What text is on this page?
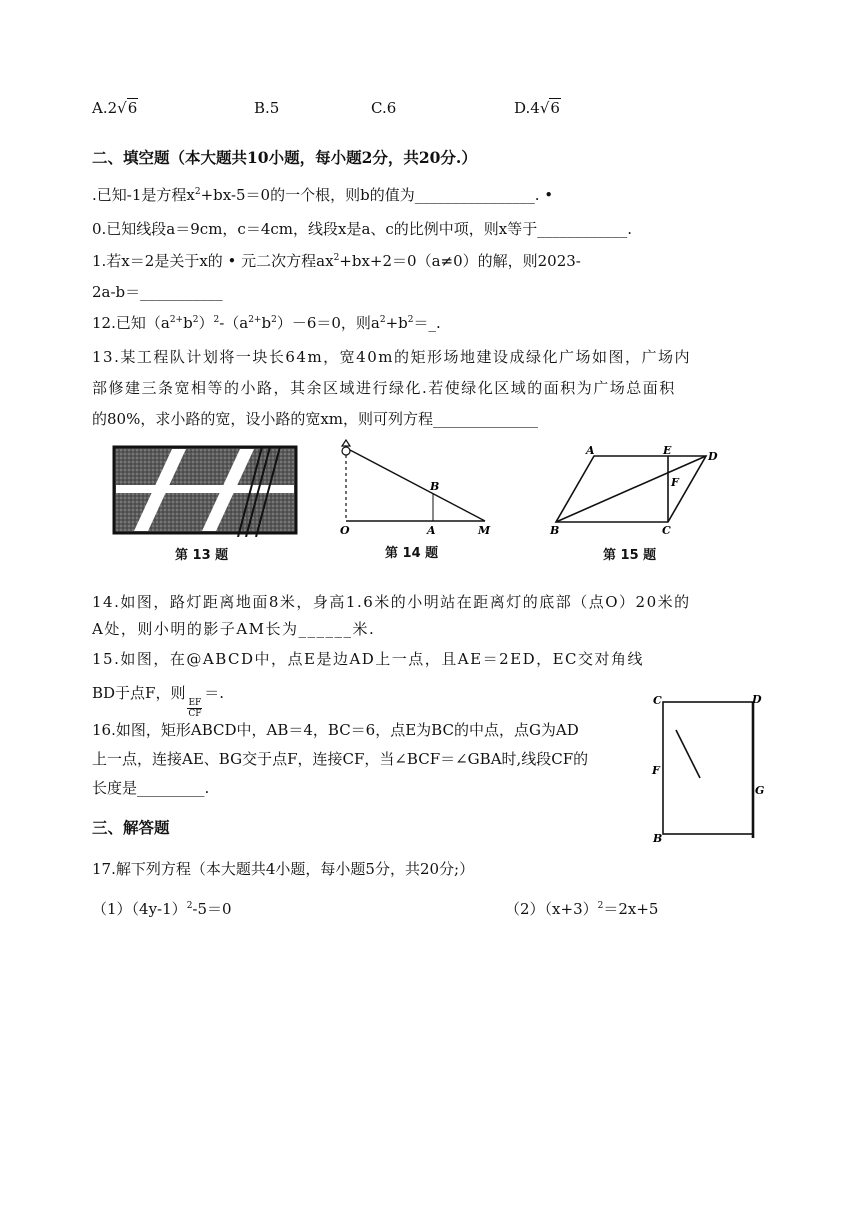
A.2√6	B.5	C.6	D.4√6
二、填空题（本大题共10小题，每小题2分，共20分.）
.已知-1是方程$x^2+bx-5=0$的一个根，则b的值为________________. •
0.已知线段a＝9cm，c＝4cm，线段x是a、c的比例中项，则x等于____________.
1.若x＝2是关于x的 • 元二次方程$ax^2+bx+2=0(a\ne 0)$的解，则2023-
2a-b＝___________
12.已知$(a^{2+}b^2)^2-(a^{2+}b^2)-6=0$，则$a^2+b^2=\_$.
13.某工程队计划将一块长64m，宽40m的矩形场地建设成绿化广场如图，广场内
部修建三条宽相等的小路，其余区域进行绿化.若使绿化区域的面积为广场总面积
的80%，求小路的宽，设小路的宽xm，则可列方程______________
第 13 题
O	A	M
B
第 14 题
A	E	D
F
B	C
第 15 题
14.如图，路灯距离地面8米，身高1.6米的小明站在距离灯的底部（点O）20米的
A处，则小明的影子AM长为______米.
15.如图，在@ABCD中，点E是边AD上一点，且AE＝2ED，EC交对角线
BD于点F，则
$\frac{EF}{CF}$
＝.
16.如图，矩形ABCD中，AB＝4，BC＝6，点E为BC的中点，点G为AD
上一点，连接AE、BG交于点F，连接CF，当∠BCF＝∠GBA时,线段CF的
长度是_________.
C	D
F
G
B
三、解答题
17.解下列方程（本大题共4小题，每小题5分，共20分;）
$(1)(4y-1)^2-5=0$	$(2)(x+3)^2=2x+5$
